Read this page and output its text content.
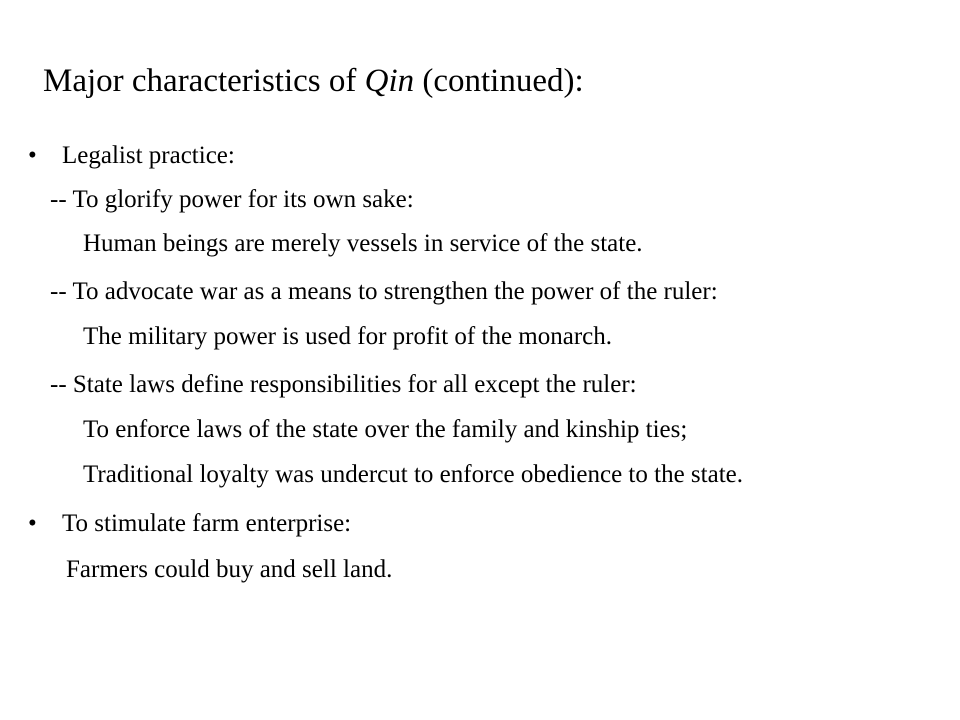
Major characteristics of Qin (continued):
• Legalist practice:
-- To glorify power for its own sake:
Human beings are merely vessels in service of the state.
-- To advocate war as a means to strengthen the power of the ruler:
The military power is used for profit of the monarch.
-- State laws define responsibilities for all except the ruler:
To enforce laws of the state over the family and kinship ties;
Traditional loyalty was undercut to enforce obedience to the state.
• To stimulate farm enterprise:
Farmers could buy and sell land.
